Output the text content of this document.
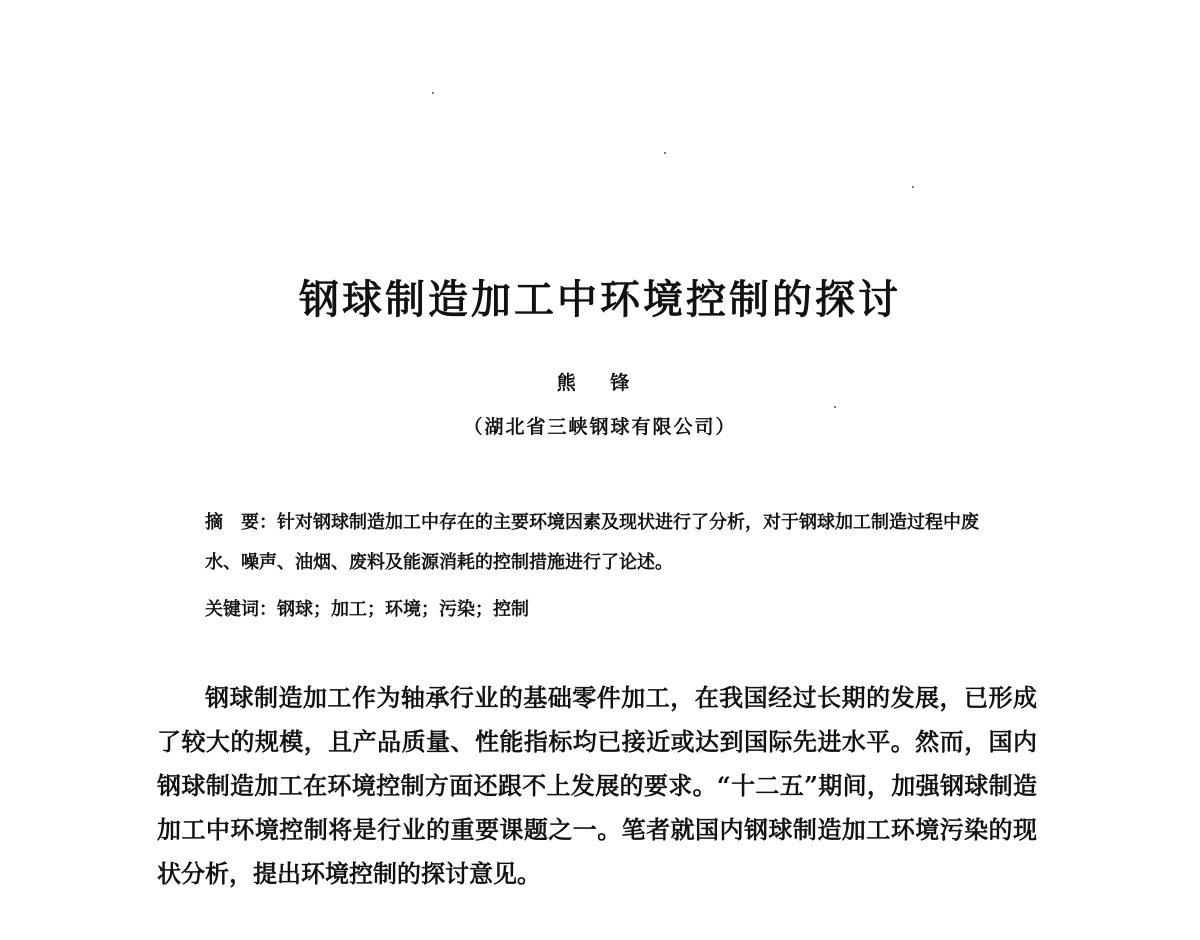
钢球制造加工中环境控制的探讨
熊 锋
（湖北省三峡钢球有限公司）
摘　要：针对钢球制造加工中存在的主要环境因素及现状进行了分析，对于钢球加工制造过程中废水、噪声、油烟、废料及能源消耗的控制措施进行了论述。
关键词：钢球；加工；环境；污染；控制

钢球制造加工作为轴承行业的基础零件加工，在我国经过长期的发展，已形成了较大的规模，且产品质量、性能指标均已接近或达到国际先进水平。然而，国内钢球制造加工在环境控制方面还跟不上发展的要求。“十二五”期间，加强钢球制造加工中环境控制将是行业的重要课题之一。笔者就国内钢球制造加工环境污染的现状分析，提出环境控制的探讨意见。
